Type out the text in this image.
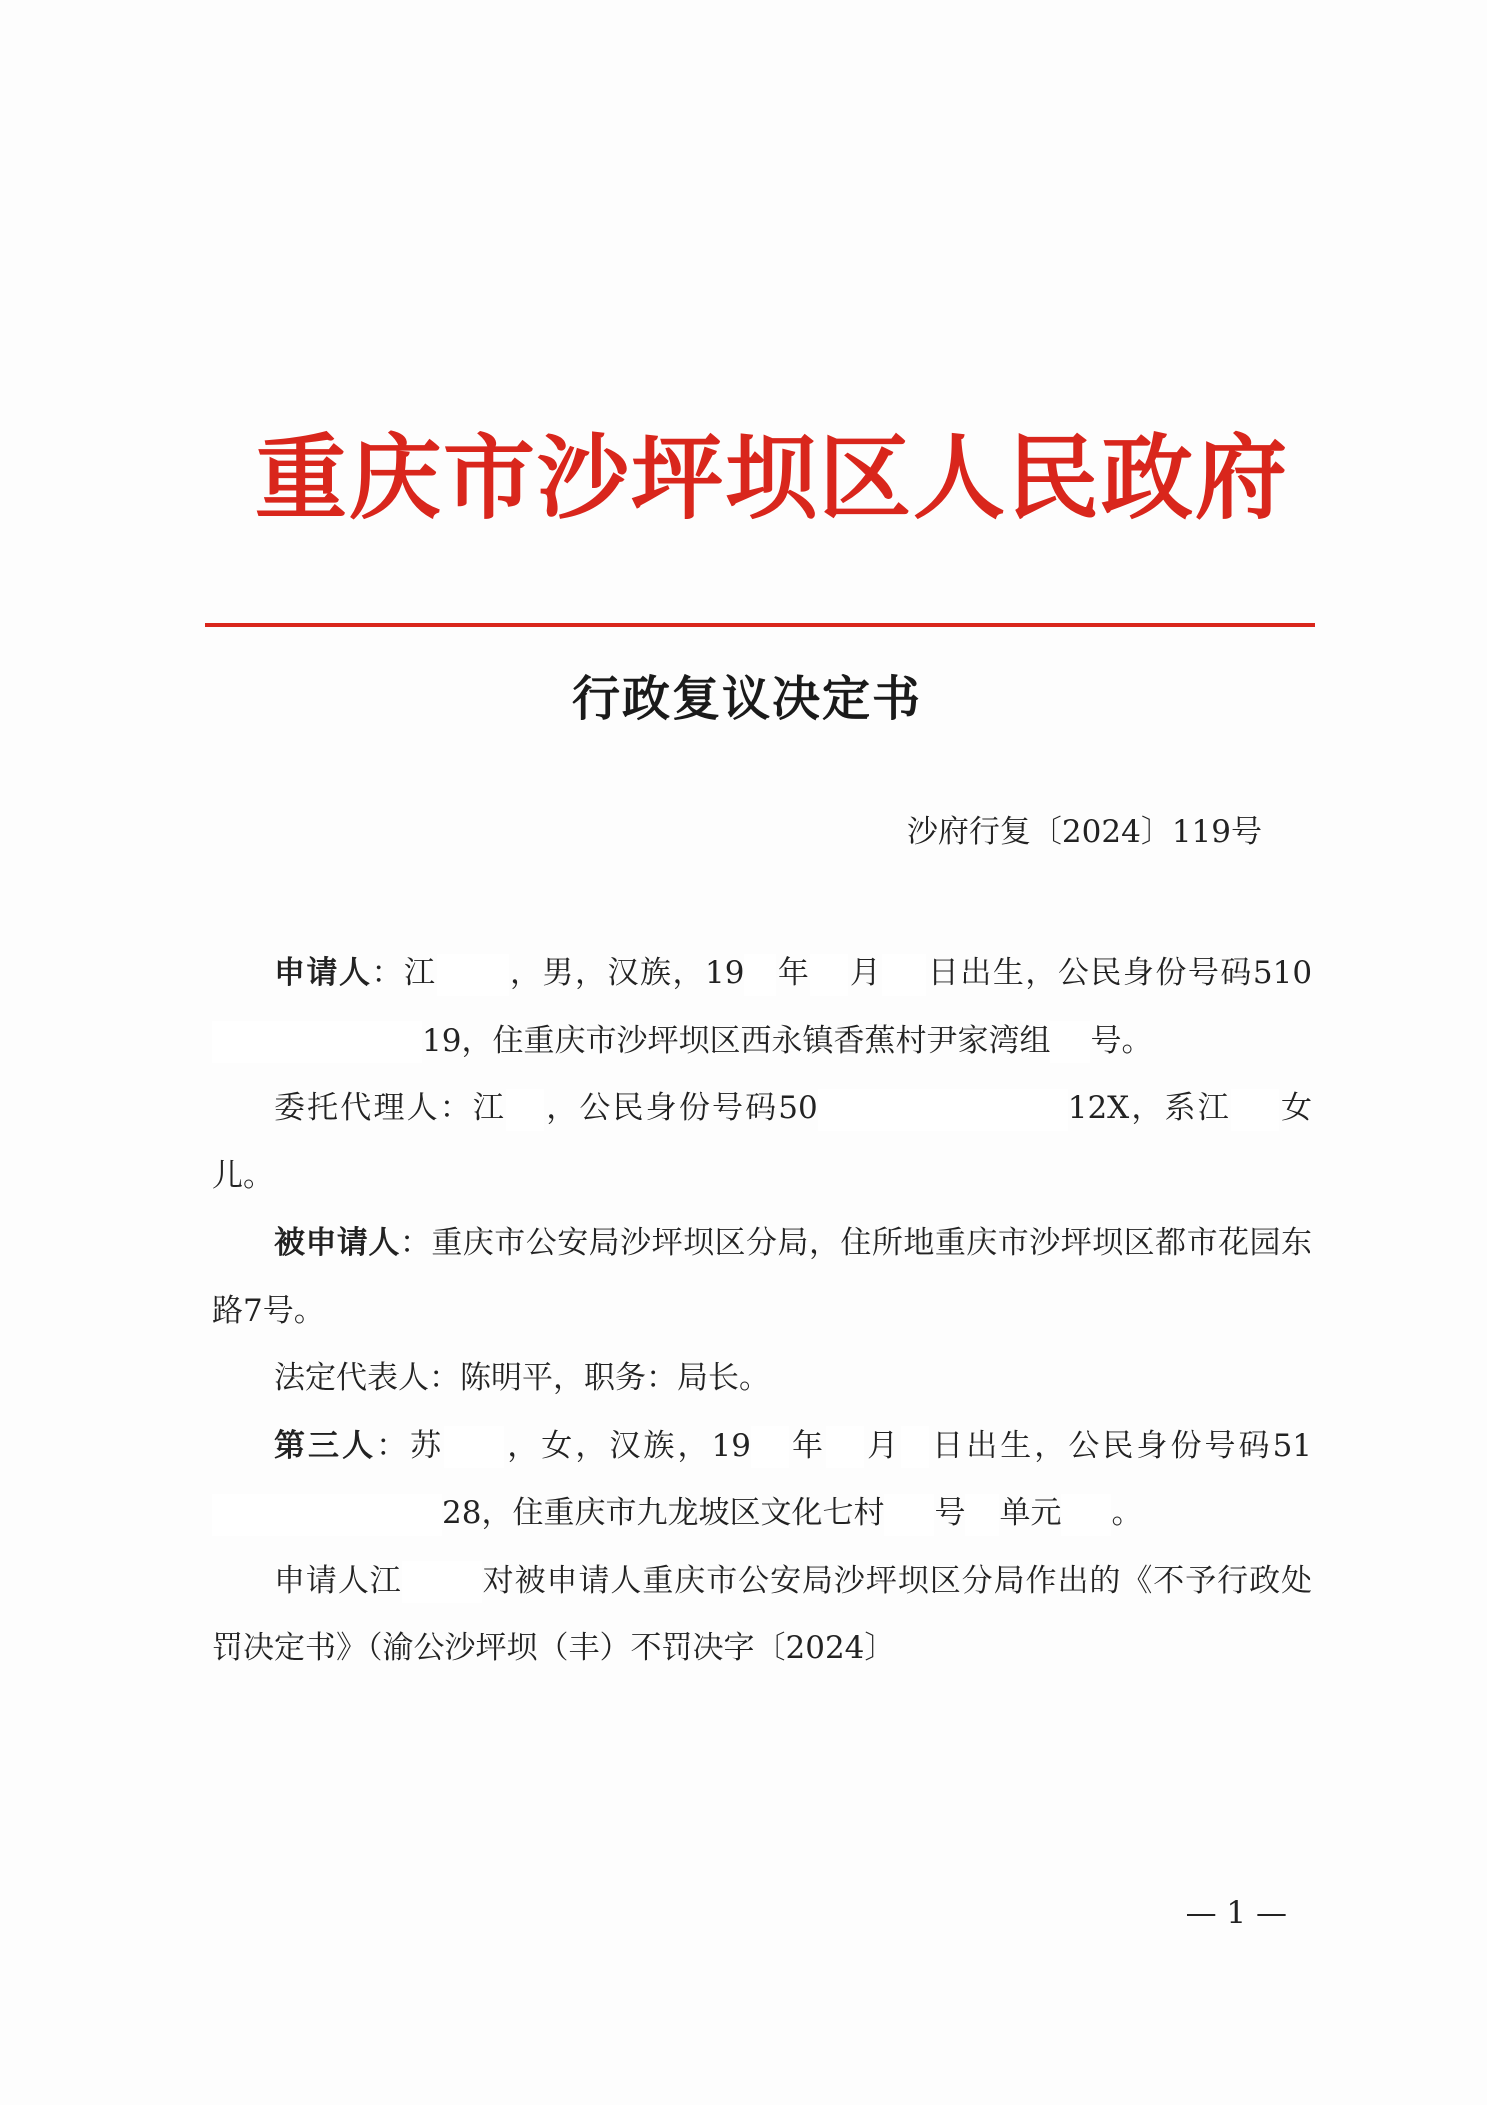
重庆市沙坪坝区人民政府
行政复议决定书
沙府行复〔2024〕119号

申请人：江 ，男，汉族，19 年 月 日出生，公民身份号码51019，住重庆市沙坪坝区西永镇香蕉村尹家湾组 号。

委托代理人：江 ，公民身份号码50	12X，系江 女儿。

被申请人：重庆市公安局沙坪坝区分局，住所地重庆市沙坪坝区都市花园东路7号。

法定代表人：陈明平，职务：局长。

第三人：苏 ，女，汉族，19 年 月 日出生，公民身份号码5128，住重庆市九龙坡区文化七村 号 单元 。

申请人江	对被申请人重庆市公安局沙坪坝区分局作出的《不予行政处罚决定书》（渝公沙坪坝（丰）不罚决字〔2024〕

— 1 —
